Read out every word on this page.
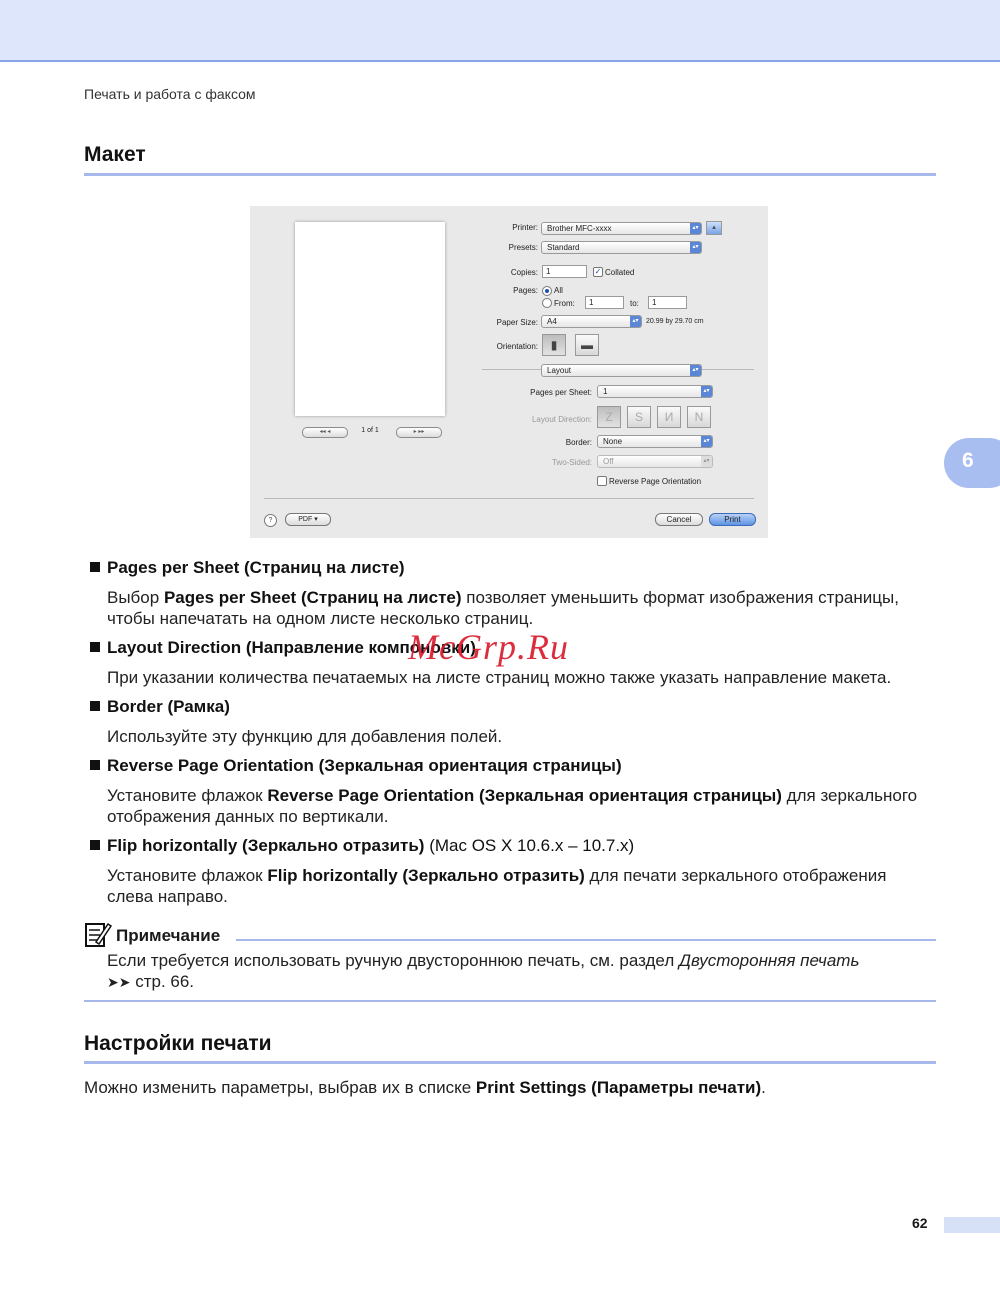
Печать и работа с факсом
Макет
6
◂◂ ◂	1 of 1	▸ ▸▸
Printer:	Brother MFC-xxxx	▴▾	▴
Presets:	Standard	▴▾
Copies:	1	✓ Collated
Pages: All
From:	1	to:	1
Paper Size:	A4	▴▾	20.99 by 29.70 cm
Orientation:	▮	▬
Layout	▴▾
Pages per Sheet:	1	▴▾
Layout Direction:	Z	S	И	N
Border:	None	▴▾
Two-Sided:	Off	▴▾
Reverse Page Orientation
?	PDF ▾	Cancel	Print
Pages per Sheet (Страниц на листе)
Выбор Pages per Sheet (Страниц на листе) позволяет уменьшить формат изображения страницы, чтобы напечатать на одном листе несколько страниц.
Layout Direction (Направление компоновки)
При указании количества печатаемых на листе страниц можно также указать направление макета.
Border (Рамка)
Используйте эту функцию для добавления полей.
Reverse Page Orientation (Зеркальная ориентация страницы)
Установите флажок Reverse Page Orientation (Зеркальная ориентация страницы) для зеркального отображения данных по вертикали.
Flip horizontally (Зеркально отразить) (Mac OS X 10.6.x – 10.7.x)
Установите флажок Flip horizontally (Зеркально отразить) для печати зеркального отображения слева направо.
Примечание
Если требуется использовать ручную двустороннюю печать, см. раздел Двусторонняя печать
➤➤ стр. 66.
Настройки печати
Можно изменить параметры, выбрав их в списке Print Settings (Параметры печати).
62
McGrp.Ru
